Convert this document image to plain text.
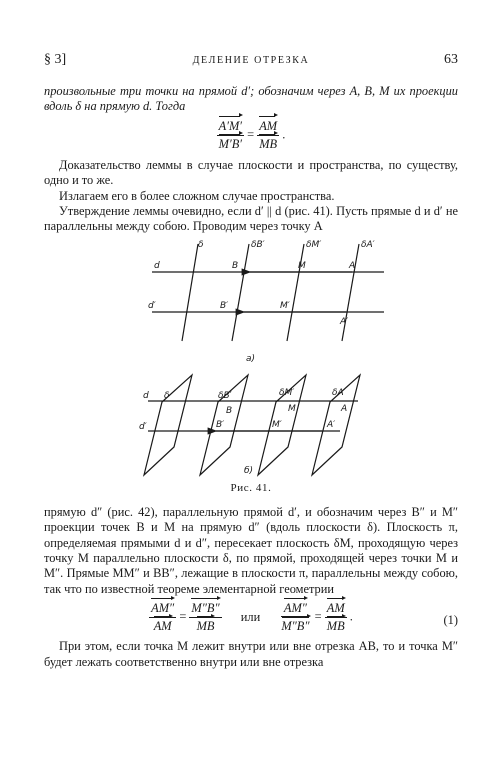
§ 3]	ДЕЛЕНИЕ ОТРЕЗКА	63

произвольные три точки на прямой d′; обозначим через A, B, M их проекции вдоль δ на прямую d. Тогда

$\frac{A'M'}{M'B'} = \frac{AM}{MB}$ .

Доказательство леммы в случае плоскости и пространства, по существу, одно и то же.

Излагаем его в более сложном случае пространства.

Утверждение леммы очевидно, если d′ || d (рис. 41). Пусть прямые d и d′ не параллельны между собою. Проводим через точку A

d
d′
δ	δB′	δM′	δA′
B	M	A
B′	M′
A′
а)
d
d′
δ	δB′	δM′	δA′
B	M	A
B′	M′	A′
б)
Рис. 41.

прямую d″ (рис. 42), параллельную прямой d′, и обозначим через B″ и M″ проекции точек B и M на прямую d″ (вдоль плоскости δ). Плоскость π, определяемая прямыми d и d″, пересекает плоскость δM, проходящую через точку M параллельно плоскости δ, по прямой, проходящей через точки M и M″. Прямые MM″ и BB″, лежащие в плоскости π, параллельны между собою, так что по известной теореме элементарной геометрии

$\frac{AM''}{AM} = \frac{M''B''}{MB}$ или $\frac{AM''}{M''B''} = \frac{AM}{MB}$ .	(1)

При этом, если точка M лежит внутри или вне отрезка AB, то и точка M″ будет лежать соответственно внутри или вне отрезка
